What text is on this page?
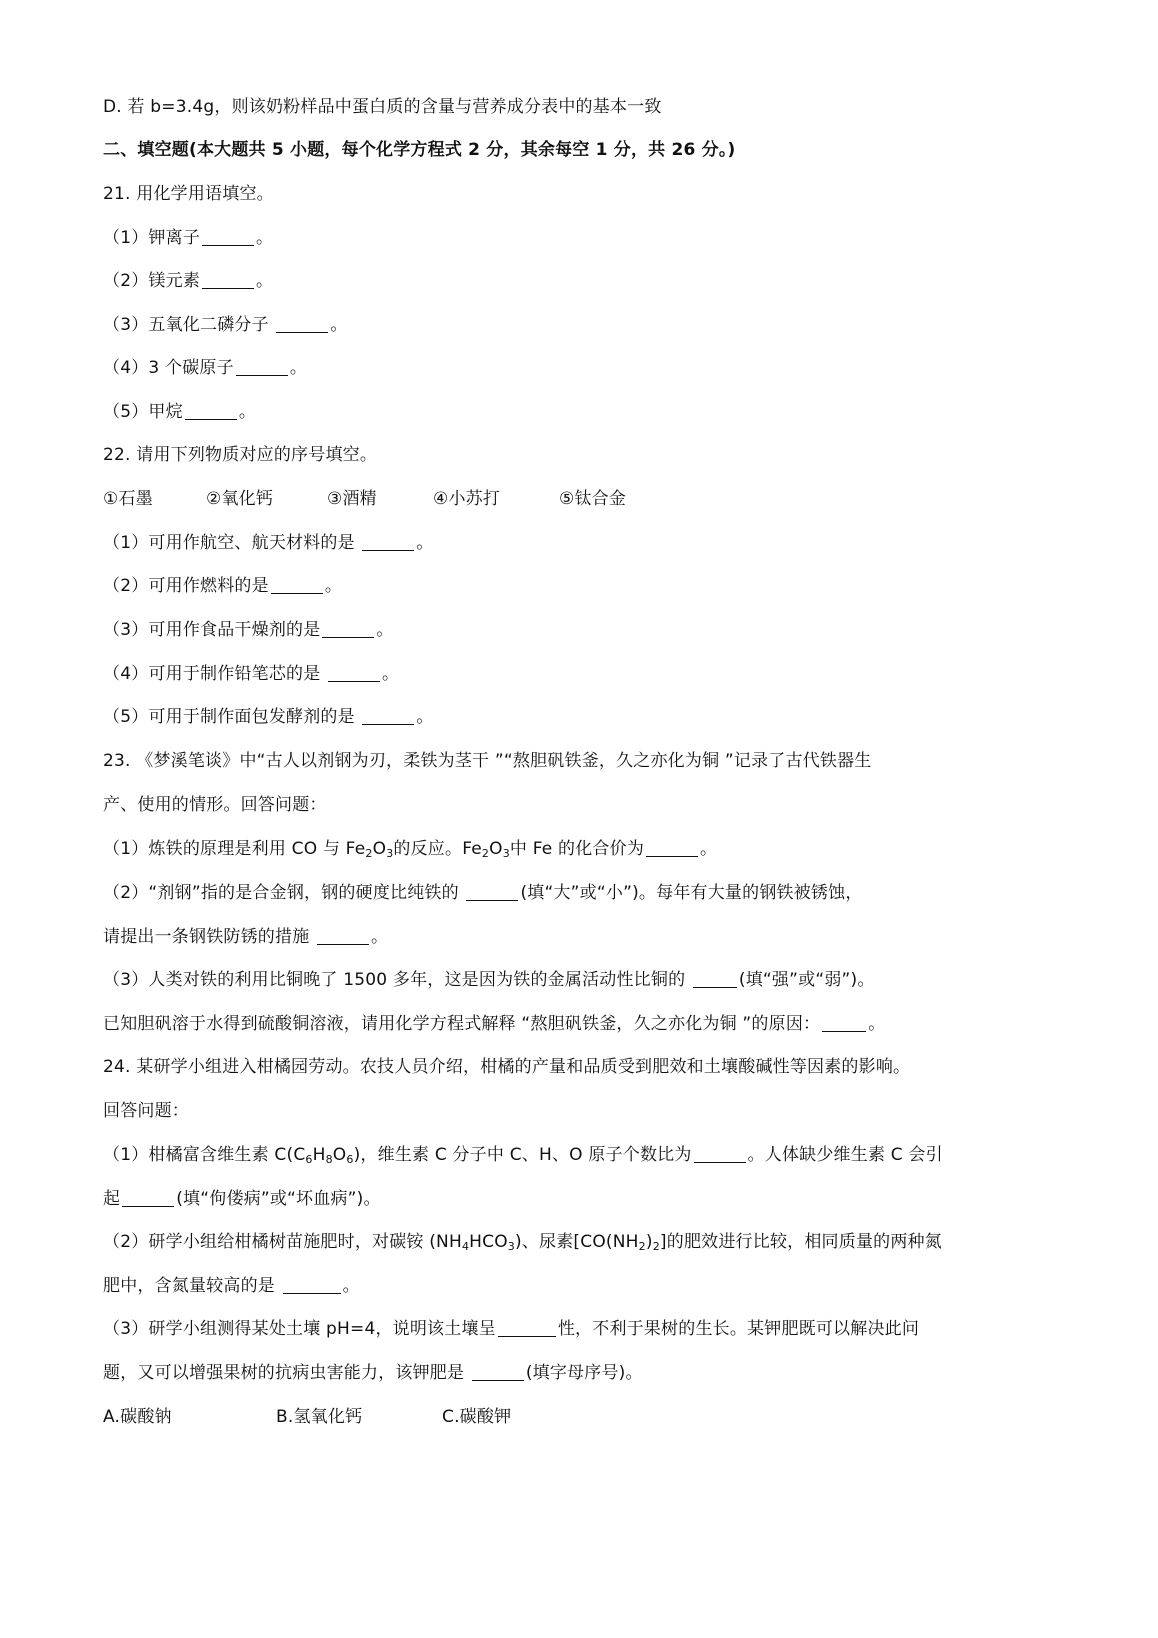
D. 若 b=3.4g，则该奶粉样品中蛋白质的含量与营养成分表中的基本一致
二、填空题(本大题共 5 小题，每个化学方程式 2 分，其余每空 1 分，共 26 分。)
21. 用化学用语填空。
（1）钾离子	。
（2）镁元素	。
（3）五氧化二磷分子	。
（4）3 个碳原子	。
（5）甲烷	。
22. 请用下列物质对应的序号填空。
①石墨	②氧化钙	③酒精	④小苏打	⑤钛合金
（1）可用作航空、航天材料的是	。
（2）可用作燃料的是	。
（3）可用作食品干燥剂的是	。
（4）可用于制作铅笔芯的是	。
（5）可用于制作面包发酵剂的是	。
23. 《梦溪笔谈》中“古人以剂钢为刃，柔铁为茎干 ”“熬胆矾铁釜，久之亦化为铜 ”记录了古代铁器生
产、使用的情形。回答问题：
（1）炼铁的原理是利用 CO 与 $Fe_2O_3$的反应。$Fe_2O_3$中 Fe 的化合价为	。
（2）“剂钢”指的是合金钢，钢的硬度比纯铁的	(填“大”或“小”)。每年有大量的钢铁被锈蚀，
请提出一条钢铁防锈的措施	。
（3）人类对铁的利用比铜晚了 1500 多年，这是因为铁的金属活动性比铜的	(填“强”或“弱”)。
已知胆矾溶于水得到硫酸铜溶液，请用化学方程式解释 “熬胆矾铁釜，久之亦化为铜 ”的原因：	。
24. 某研学小组进入柑橘园劳动。农技人员介绍，柑橘的产量和品质受到肥效和土壤酸碱性等因素的影响。
回答问题：
（1）柑橘富含维生素 $C(C_6H_8O_6)$，维生素 C 分子中 C、H、O 原子个数比为	。人体缺少维生素 C 会引
起	(填“佝偻病”或“坏血病”)。
（2）研学小组给柑橘树苗施肥时，对碳铵 $(NH_4HCO_3)$、尿素$[CO(NH_2)_2]$的肥效进行比较，相同质量的两种氮
肥中，含氮量较高的是	。
（3）研学小组测得某处土壤 pH=4，说明该土壤呈	性，不利于果树的生长。某钾肥既可以解决此问
题，又可以增强果树的抗病虫害能力，该钾肥是	(填字母序号)。
A.碳酸钠	B.氢氧化钙	C.碳酸钾
